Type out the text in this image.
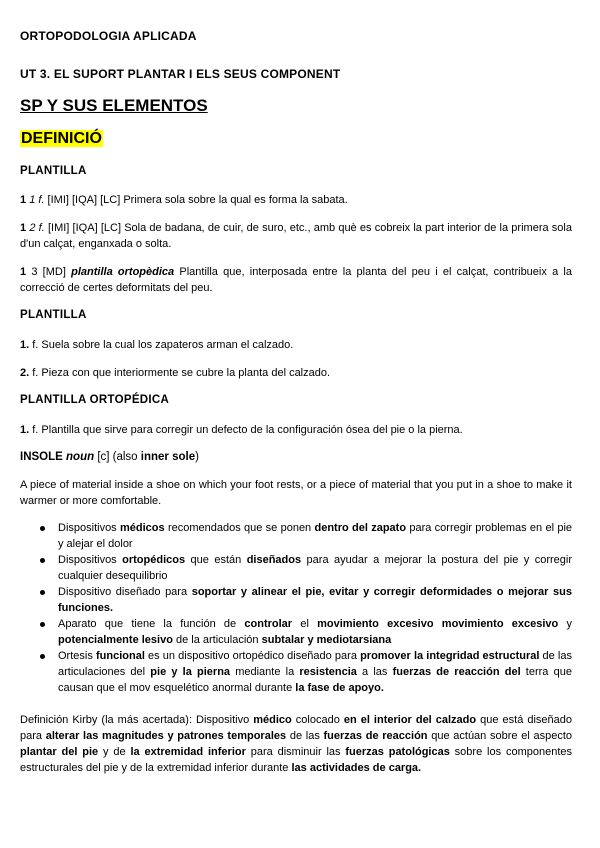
ORTOPODOLOGIA APLICADA

UT 3. EL SUPORT PLANTAR I ELS SEUS COMPONENT

SP Y SUS ELEMENTOS

DEFINICIÓ

PLANTILLA

1 1 f. [IMI] [IQA] [LC] Primera sola sobre la qual es forma la sabata.

1 2 f. [IMI] [IQA] [LC] Sola de badana, de cuir, de suro, etc., amb què es cobreix la part interior de la primera sola d'un calçat, enganxada o solta.

1 3 [MD] plantilla ortopèdica Plantilla que, interposada entre la planta del peu i el calçat, contribueix a la correcció de certes deformitats del peu.

PLANTILLA

1. f. Suela sobre la cual los zapateros arman el calzado.

2. f. Pieza con que interiormente se cubre la planta del calzado.

PLANTILLA ORTOPÉDICA

1. f. Plantilla que sirve para corregir un defecto de la configuración ósea del pie o la pierna.

INSOLE noun [c] (also inner sole)

A piece of material inside a shoe on which your foot rests, or a piece of material that you put in a shoe to make it warmer or more comfortable.

Dispositivos médicos recomendados que se ponen dentro del zapato para corregir problemas en el pie y alejar el dolor
Dispositivos ortopédicos que están diseñados para ayudar a mejorar la postura del pie y corregir cualquier desequilibrio
Dispositivo diseñado para soportar y alinear el pie, evitar y corregir deformidades o mejorar sus funciones.
Aparato que tiene la función de controlar el movimiento excesivo movimiento excesivo y potencialmente lesivo de la articulación subtalar y mediotarsiana
Ortesis funcional es un dispositivo ortopédico diseñado para promover la integridad estructural de las articulaciones del pie y la pierna mediante la resistencia a las fuerzas de reacción del terra que causan que el mov esquelético anormal durante la fase de apoyo.

Definición Kirby (la más acertada): Dispositivo médico colocado en el interior del calzado que está diseñado para alterar las magnitudes y patrones temporales de las fuerzas de reacción que actúan sobre el aspecto plantar del pie y de la extremidad inferior para disminuir las fuerzas patológicas sobre los componentes estructurales del pie y de la extremidad inferior durante las actividades de carga.
